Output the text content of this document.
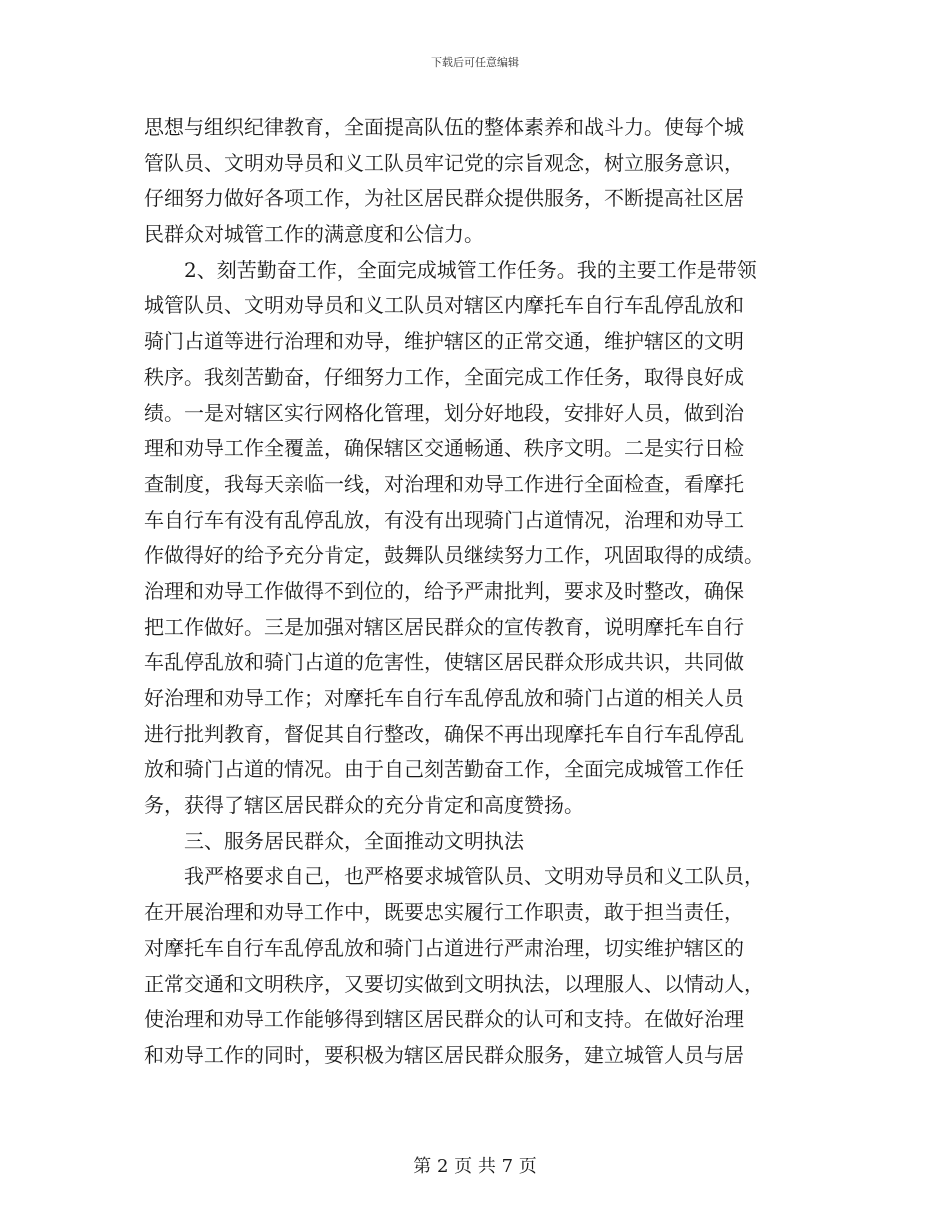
下载后可任意编辑
思想与组织纪律教育，全面提高队伍的整体素养和战斗力。使每个城
管队员、文明劝导员和义工队员牢记党的宗旨观念，树立服务意识，
仔细努力做好各项工作，为社区居民群众提供服务，不断提高社区居
民群众对城管工作的满意度和公信力。
2、刻苦勤奋工作，全面完成城管工作任务。我的主要工作是带领
城管队员、文明劝导员和义工队员对辖区内摩托车自行车乱停乱放和
骑门占道等进行治理和劝导，维护辖区的正常交通，维护辖区的文明
秩序。我刻苦勤奋，仔细努力工作，全面完成工作任务，取得良好成
绩。一是对辖区实行网格化管理，划分好地段，安排好人员，做到治
理和劝导工作全覆盖，确保辖区交通畅通、秩序文明。二是实行日检
查制度，我每天亲临一线，对治理和劝导工作进行全面检查，看摩托
车自行车有没有乱停乱放，有没有出现骑门占道情况，治理和劝导工
作做得好的给予充分肯定，鼓舞队员继续努力工作，巩固取得的成绩。
治理和劝导工作做得不到位的，给予严肃批判，要求及时整改，确保
把工作做好。三是加强对辖区居民群众的宣传教育，说明摩托车自行
车乱停乱放和骑门占道的危害性，使辖区居民群众形成共识，共同做
好治理和劝导工作；对摩托车自行车乱停乱放和骑门占道的相关人员
进行批判教育，督促其自行整改，确保不再出现摩托车自行车乱停乱
放和骑门占道的情况。由于自己刻苦勤奋工作，全面完成城管工作任
务，获得了辖区居民群众的充分肯定和高度赞扬。
三、服务居民群众，全面推动文明执法
我严格要求自己，也严格要求城管队员、文明劝导员和义工队员，
在开展治理和劝导工作中，既要忠实履行工作职责，敢于担当责任，
对摩托车自行车乱停乱放和骑门占道进行严肃治理，切实维护辖区的
正常交通和文明秩序，又要切实做到文明执法，以理服人、以情动人，
使治理和劝导工作能够得到辖区居民群众的认可和支持。在做好治理
和劝导工作的同时，要积极为辖区居民群众服务，建立城管人员与居
第 2 页 共 7 页
